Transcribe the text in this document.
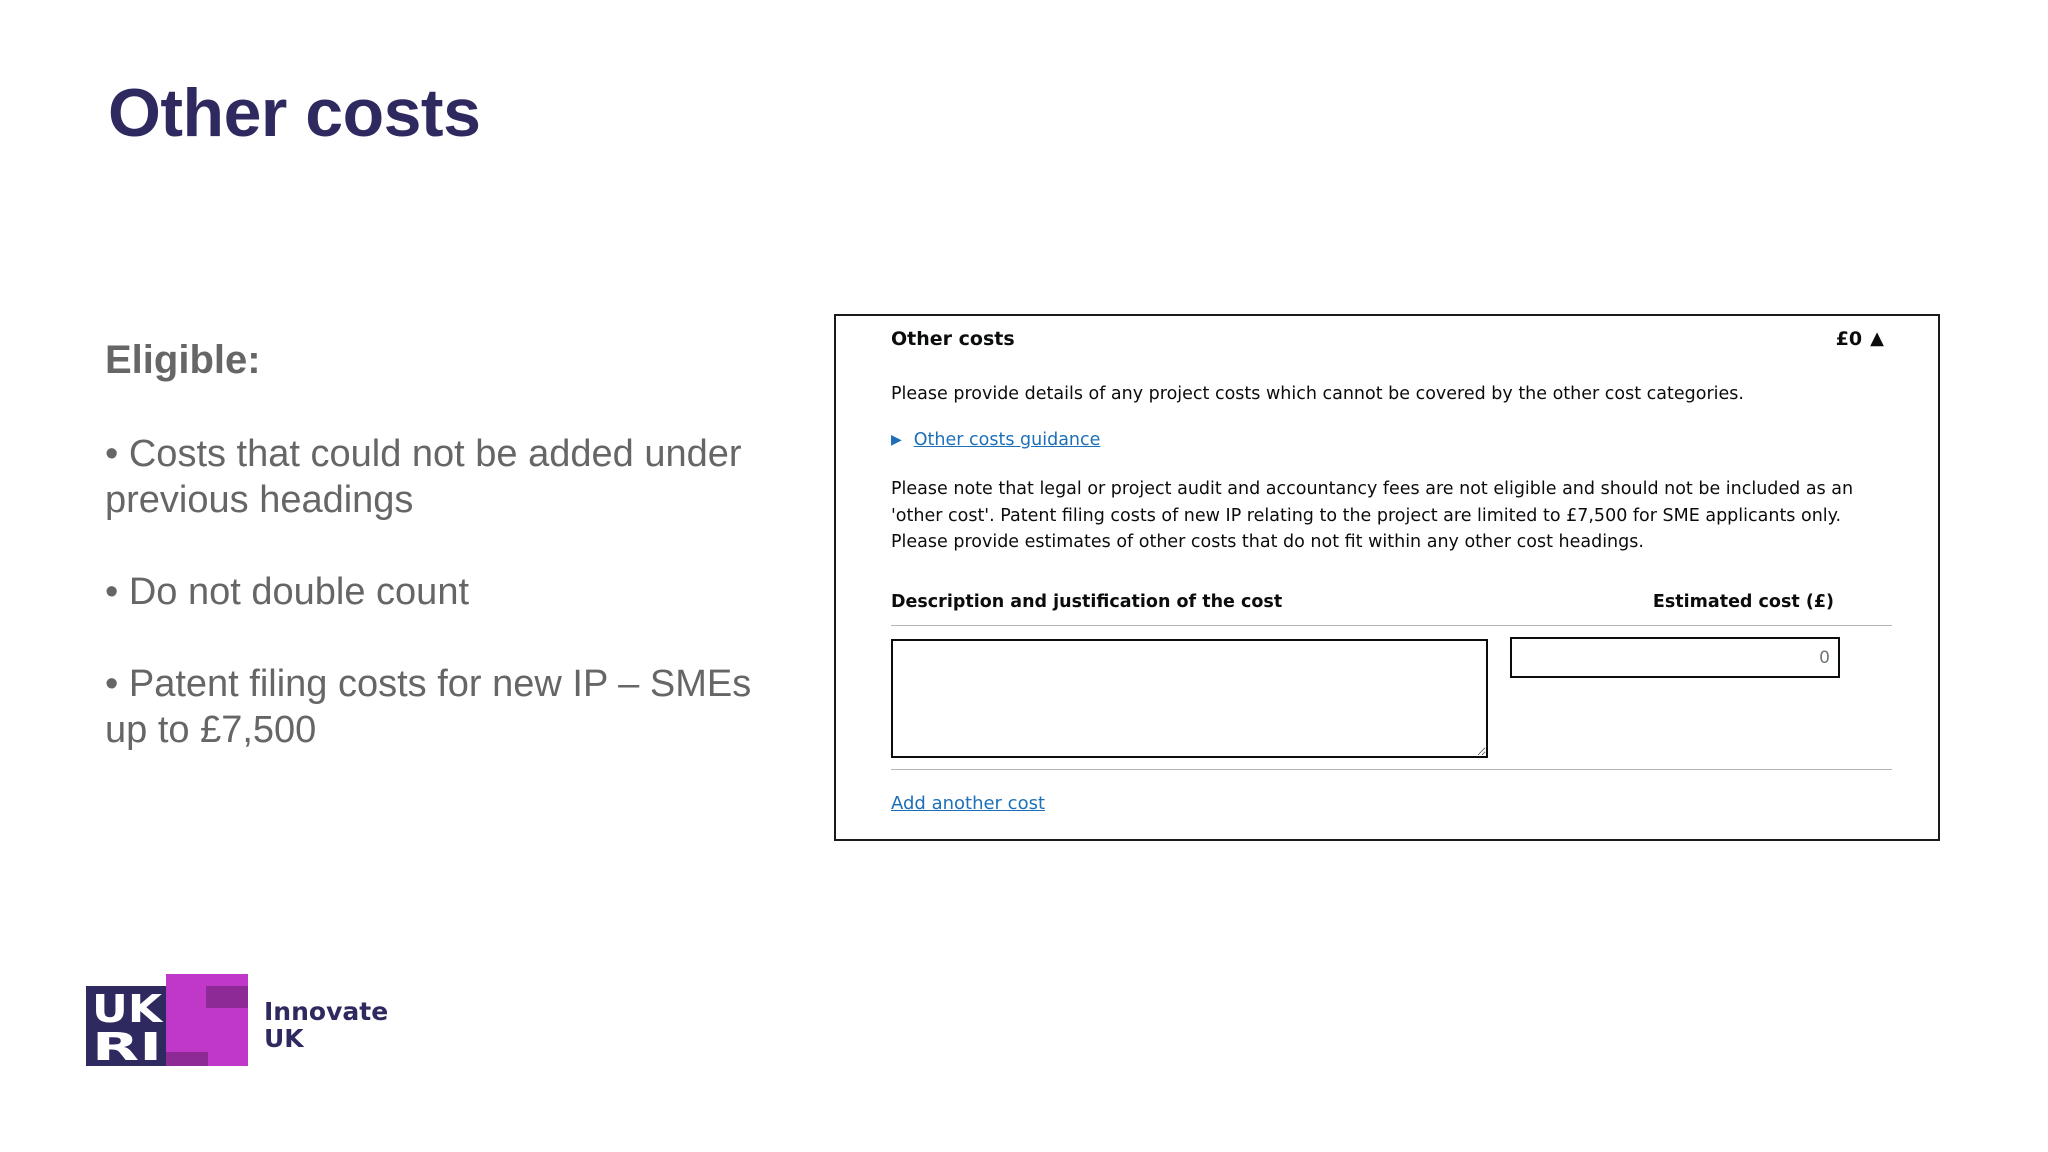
Other costs

Eligible:

• Costs that could not be added under previous headings

• Do not double count

• Patent filing costs for new IP – SMEs up to £7,500

Other costs	£0 ▲

Please provide details of any project costs which cannot be covered by the other cost categories.

▶ Other costs guidance

Please note that legal or project audit and accountancy fees are not eligible and should not be included as an 'other cost'. Patent filing costs of new IP relating to the project are limited to £7,500 for SME applicants only. Please provide estimates of other costs that do not fit within any other cost headings.

Description and justification of the cost	Estimated cost (£)
0
Add another cost
UK
RI
Innovate
UK
